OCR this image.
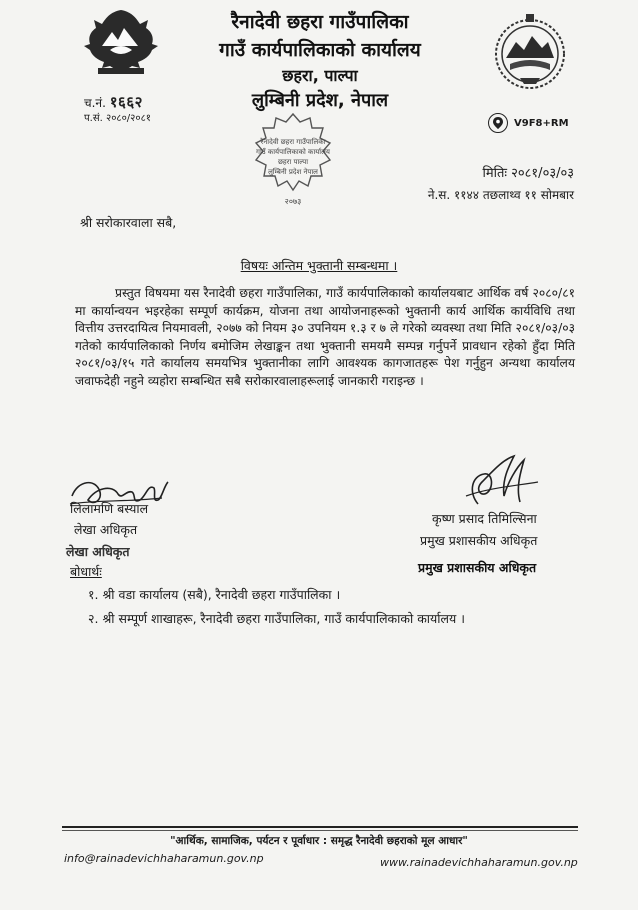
रैनादेवी छहरा गाउँपालिका
गाउँ कार्यपालिकाको कार्यालय
छहरा, पाल्पा
लुम्बिनी प्रदेश, नेपाल
च.नं. १६६२
प.सं. २०८०/२०८१	V9F8+RM
रैनादेवी छहरा गाउँपालिका
गाउँ कार्यपालिकाको कार्यालय
छहरा पाल्पा
लुम्बिनी प्रदेश नेपाल
२०७३
मितिः २०८१/०३/०३
ने.स. ११४४ तछलाथ्व ११ सोमबार
श्री सरोकारवाला सबै,
विषयः अन्तिम भुक्तानी सम्बन्धमा ।
प्रस्तुत विषयमा यस रैनादेवी छहरा गाउँपालिका, गाउँ कार्यपालिकाको कार्यालयबाट आर्थिक वर्ष २०८०/८१ मा कार्यान्वयन भइरहेका सम्पूर्ण कार्यक्रम, योजना तथा आयोजनाहरूको भुक्तानी कार्य आर्थिक कार्यविधि तथा वित्तीय उत्तरदायित्व नियमावली, २०७७ को नियम ३० उपनियम १.३ र ७ ले गरेको व्यवस्था तथा मिति २०८१/०३/०३ गतेको कार्यपालिकाको निर्णय बमोजिम लेखाङ्कन तथा भुक्तानी समयमै सम्पन्न गर्नुपर्ने प्रावधान रहेको हुँदा मिति २०८१/०३/१५ गते कार्यालय समयभित्र भुक्तानीका लागि आवश्यक कागजातहरू पेश गर्नुहुन अन्यथा कार्यालय जवाफदेही नहुने व्यहोरा सम्बन्धित सबै सरोकारवालाहरूलाई जानकारी गराइन्छ ।
लिलामणि बस्याल
लेखा अधिकृत
लेखा अधिकृत
कृष्ण प्रसाद तिमिल्सिना
प्रमुख प्रशासकीय अधिकृत
प्रमुख प्रशासकीय अधिकृत
बोधार्थः
१. श्री वडा कार्यालय (सबै), रैनादेवी छहरा गाउँपालिका ।
२. श्री सम्पूर्ण शाखाहरू, रैनादेवी छहरा गाउँपालिका, गाउँ कार्यपालिकाको कार्यालय ।
"आर्थिक, सामाजिक, पर्यटन र पूर्वाधार : समृद्ध रैनादेवी छहराको मूल आधार"
info@rainadevichhaharamun.gov.np	www.rainadevichhaharamun.gov.np
